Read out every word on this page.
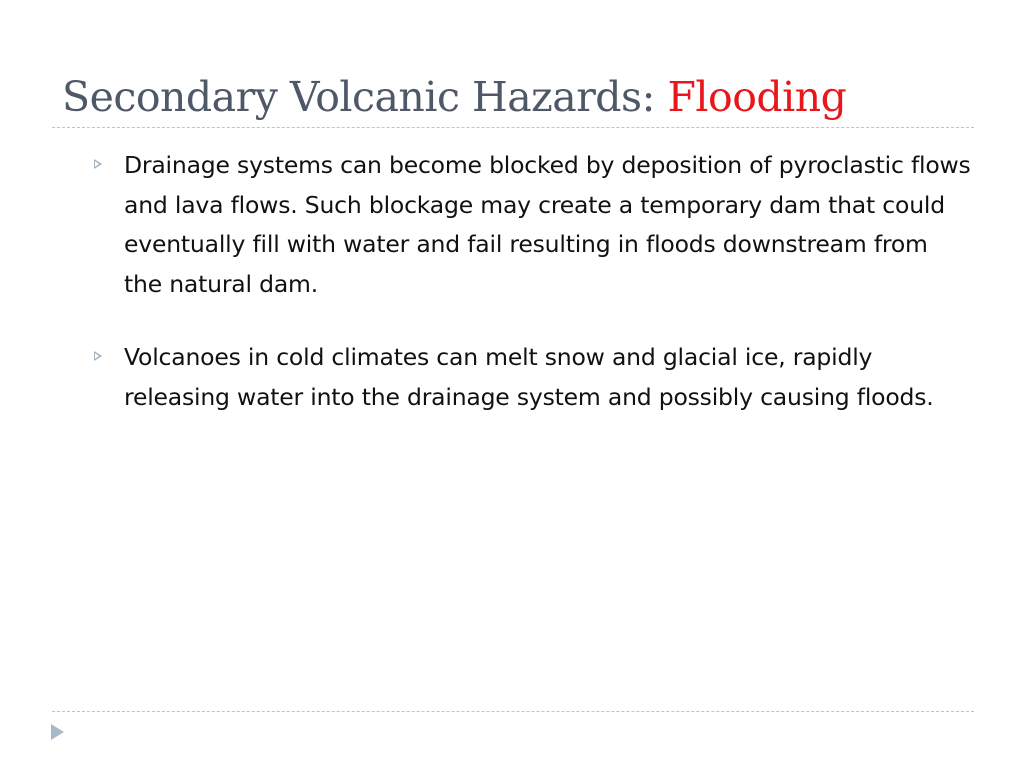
Secondary Volcanic Hazards: Flooding
Drainage systems can become blocked by deposition of pyroclastic flows and lava flows. Such blockage may create a temporary dam that could eventually fill with water and fail resulting in floods downstream from the natural dam.
Volcanoes in cold climates can melt snow and glacial ice, rapidly releasing water into the drainage system and possibly causing floods.
